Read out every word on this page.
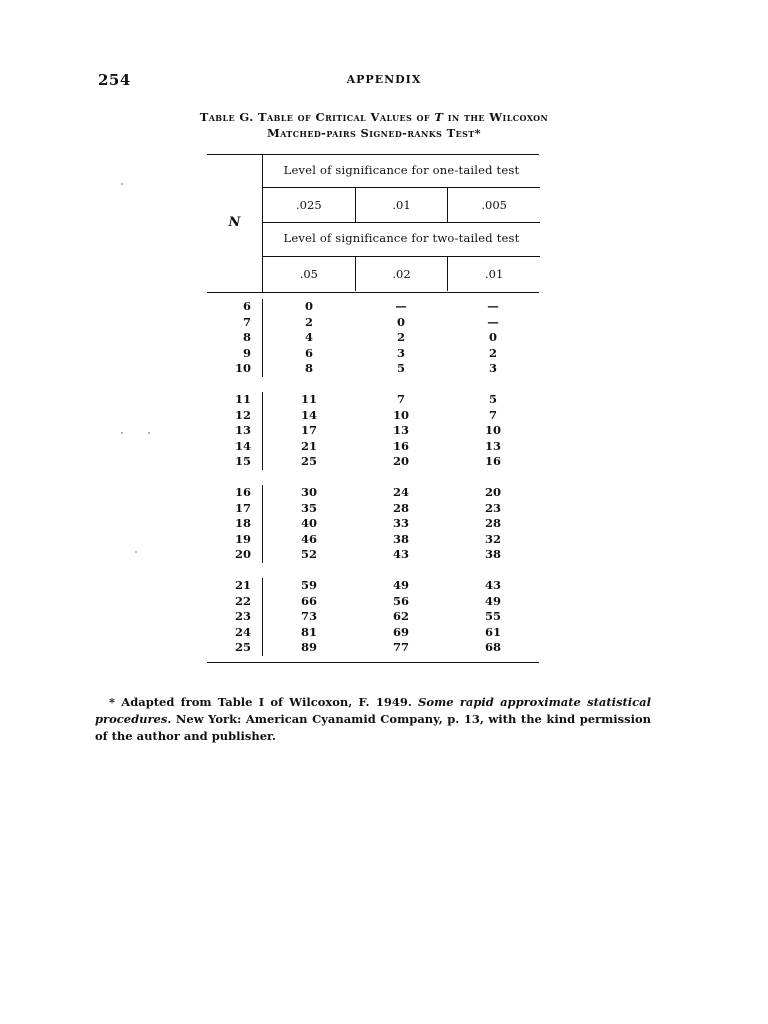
254	APPENDIX
Table G. Table of Critical Values of T in the Wilcoxon
Matched-pairs Signed-ranks Test*
N
Level of significance for one-tailed test
.025	.01	.005
Level of significance for two-tailed test
.05	.02	.01
6	0	—	—
7	2	0	—
8	4	2	0
9	6	3	2
10	8	5	3
11	11	7	5
12	14	10	7
13	17	13	10
14	21	16	13
15	25	20	16
16	30	24	20
17	35	28	23
18	40	33	28
19	46	38	32
20	52	43	38
21	59	49	43
22	66	56	49
23	73	62	55
24	81	69	61
25	89	77	68
* Adapted from Table I of Wilcoxon, F. 1949. Some rapid approximate statistical procedures. New York: American Cyanamid Company, p. 13, with the kind permission of the author and publisher.
